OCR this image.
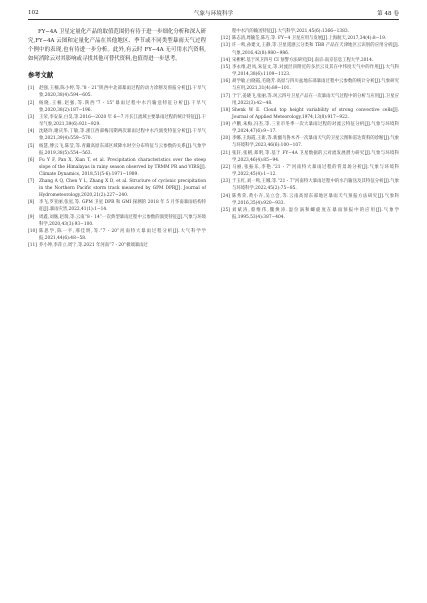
102	气象与环境科学	第 48 卷

FY−4A 卫星定量化产品的取值范围仍有待于进一步细化分析和深入研究,FY−4A 云图和定量化产品在其他地区、季节或不同类型暴雨天气过程个例中的表现,也有待进一步分析。此外,有云时 FY−4A 无可用水汽资料,如何消除云对其影响或寻找其他可替代资料,也值得进一步思考。

参考文献
[1] 赵强,王楠,陈小婷,等.“8・21”陕西中北部暴雨过程的动力诊断及预报分析[J].干旱气象,2020,38(4):594−605.
[2] 杨晓,王楠,赵强,等.陕西“7・15”暴雨过程中水汽输送特征分析[J].干旱气象,2020,38(2):187−196.
[3] 王荣,李安泰,白昊,等.2016—2020 年 6—7 月长江流域主要暴雨过程的统计特征[J].干旱气象,2021,39(6):921−929.
[4] 沈晓玲,谢庆华,丁敏,等.浙江西部梅汛期两次暴雨过程中水汽演变特征分析[J].干旱气象,2021,39(4):559−570.
[5] 杨慧,傅云飞,陈莹,等.青藏高原东部区域降水时空分布特征与云参数的关系[J].气象学报,2019,38(5):554−563.
[6] Fu Y F, Pan X, Xian T, et al. Precipitation characteristics over the steep slope of the Himalayas in rainy season observed by TRMM PR and VIRS[J]. Climate Dynamics, 2018,51(5-6):1971−1989.
[7] Zhang A Q, Chen Y L, Zhang X D, et al. Structure of cyclonic precipitation in the Northern Pacific storm track measured by GPM DPR[J]. Journal of Hydrometeorology,2020,21(2):227−240.
[8] 李飞,罗亚丽,张星,等. GPM 卫星 DPR 和 GMI 探测的 2018 年 5 月华南暴雨结构特征[J].暴雨灾害,2022,41(1):1−14.
[9] 周鑫,刘旸,赵瑞,等.云南“8・14”一次典型暴雨过程中云参数的演变特征[J].气象与环境科学,2020,43(3):93−100.
[10] 陈思学,陈一平,邢佳明,等.“7・20”河南特大暴雨过程分析[J].大气科学学报,2021,44(6):48−58.
[11] 乔小坤,李萍立,周宁,等.2021 年河南“7・20”极端暴雨过
程中水汽的输送特征[J].大气科学,2021,45(6):1366−1383.
[12] 陈志清,周毓荃,陈巧,等. FY−4 卫星应用与发展[J].上海航天,2017,34(4):8−19.
[13] 许一鸣,孙建文,王静,等.卫星遥感云分类和 TBB 产品在天津地区云识别的应用分析[J].气象,2016,42(8):980−986.
[14] 宋彬彬.基于风卫四号 CI 预警方法研究[D].南京:南京信息工程大学,2014.
[15] 李永维,赵凤,朱征文,等.对流层顶附近的多层云及其在中纬度天气中的作用[J].大气科学,2014,38(6):1109−1123.
[16] 胡学敏,白晓霞,毛晓芳.高原与四川盆地东部暴雨过程中云参数的统计分析[J].气象研究与应用,2021,31(4):89−101.
[17] 于宁,姜晓飞,张丽,等.风云四号卫星产品在一次暴雨天气过程中的分析与应用[J].卫星应用,2022(3):42−48.
[18] Shenk W E. Cloud top height variability of strong convective cells[J]. Journal of Applied Meteorology,1974,13(8):917−922.
[19] 卢鹏,朱梅,冯杰,等.三亚市冬季一次大暴雨过程的对流云特征分析[J].气象与环境科学,2024,47(6):9−17.
[20] 李娜,王海霞,王新,等.新疆乌鲁木齐一次暴雨天气的卫星云图和雷达资料的诊断[J].气象与环境科学,2023,46(6):100−107.
[21] 张轩,张朝,郑明,等.基于 FY−4A 卫星数据的云对流发展潜力研究[J].气象与环境科学,2023,46(4):85−94.
[22] 马丽,张振乐,李艳.“21・7”河南特大暴雨过程的背景场分析[J].气象与环境科学,2022,45(4):1−12.
[23] 于玉红,刘一鸣,王娜,等.“21・7”河南特大暴雨过程中的水汽输送及其特征分析[J].气象与环境科学,2022,45(2):75−85.
[24] 陈秀荣,黄小卉,吴立会,等.云南高原东部地区暴雨天气预报方法研究[J].气象科学,2016,35(4):920−933.
[25] 刘斌涛,蔡维伟,魏焕涛.湿位涡和螺旋度在暴雨预报中的应用[J].气象学报,1995,53(4):387−404.
